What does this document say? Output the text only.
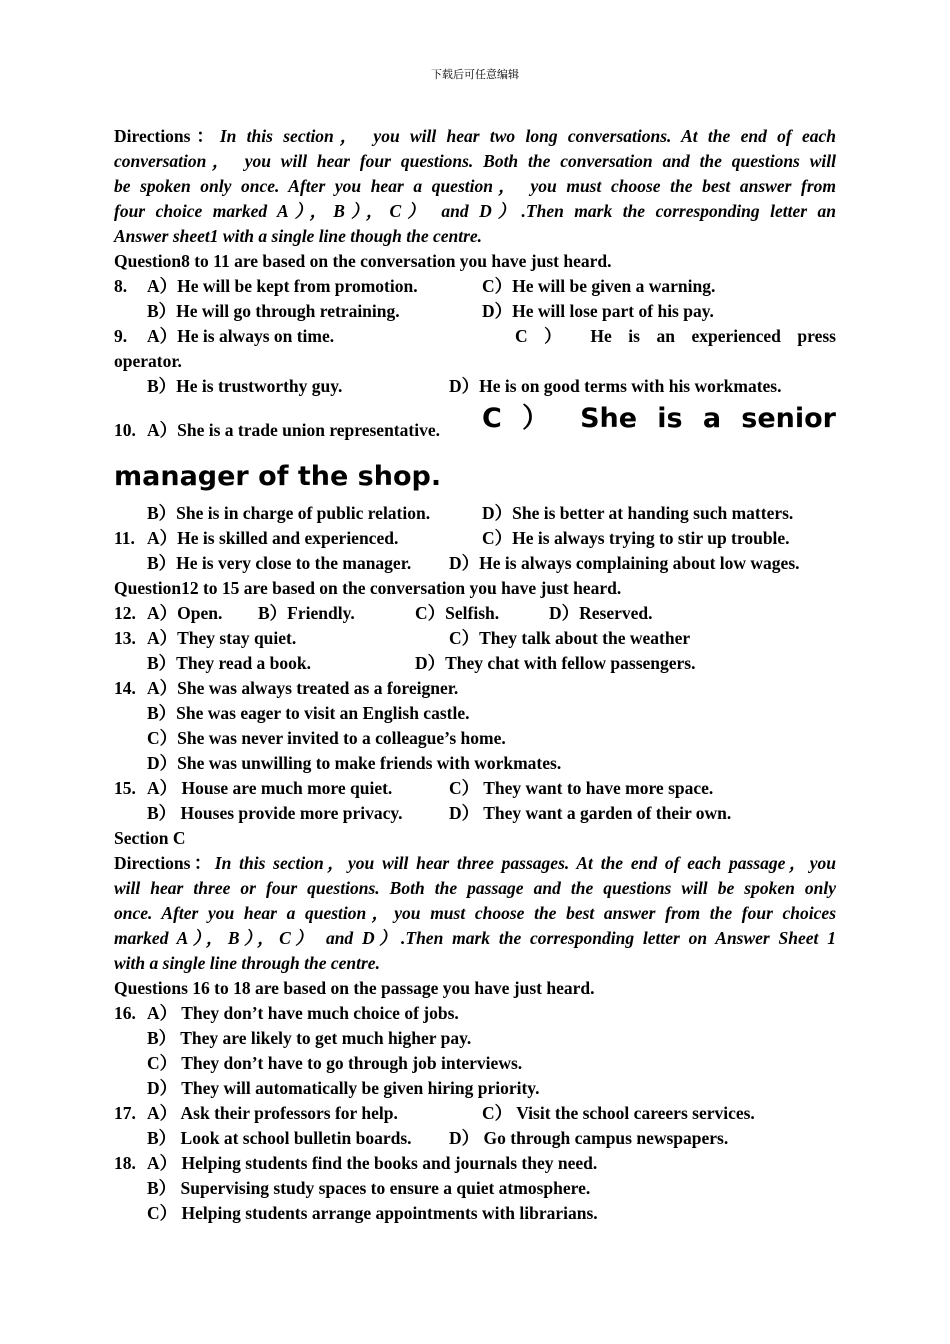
下载后可任意编辑
Directions：In this section， you will hear two long conversations. At the end of each
conversation， you will hear four questions. Both the conversation and the questions will
be spoken only once. After you hear a question， you must choose the best answer from
four choice marked A），B），C） and D）.Then mark the corresponding letter an
Answer sheet1 with a single line though the centre.
Question8 to 11 are based on the conversation you have just heard.
8. A）He will be kept from promotion.	C）He will be given a warning.
B）He will go through retraining.	D）He will lose part of his pay.
9. A）He is always on time.	C ） He is an experienced press
operator.
B）He is trustworthy guy.	D）He is on good terms with his workmates.
10. A）She is a trade union representative. C ） She is a senior
manager of the shop.
B）She is in charge of public relation.	D）She is better at handing such matters.
11. A）He is skilled and experienced.	C）He is always trying to stir up trouble.
B）He is very close to the manager. D）He is always complaining about low wages.
Question12 to 15 are based on the conversation you have just heard.
12. A）Open. B）Friendly.	C）Selfish.	D）Reserved.
13. A）They stay quiet.	C）They talk about the weather
B）They read a book.	D）They chat with fellow passengers.
14. A）She was always treated as a foreigner.
B）She was eager to visit an English castle.
C）She was never invited to a colleague’s home.
D）She was unwilling to make friends with workmates.
15. A） House are much more quiet.	C） They want to have more space.
B） Houses provide more privacy.	D） They want a garden of their own.
Section C
Directions：In this section，you will hear three passages. At the end of each passage，you
will hear three or four questions. Both the passage and the questions will be spoken only
once. After you hear a question，you must choose the best answer from the four choices
marked A），B），C） and D）.Then mark the corresponding letter on Answer Sheet 1
with a single line through the centre.
Questions 16 to 18 are based on the passage you have just heard.
16. A） They don’t have much choice of jobs.
B） They are likely to get much higher pay.
C） They don’t have to go through job interviews.
D） They will automatically be given hiring priority.
17. A） Ask their professors for help.	C） Visit the school careers services.
B） Look at school bulletin boards. D） Go through campus newspapers.
18. A） Helping students find the books and journals they need.
B） Supervising study spaces to ensure a quiet atmosphere.
C） Helping students arrange appointments with librarians.
